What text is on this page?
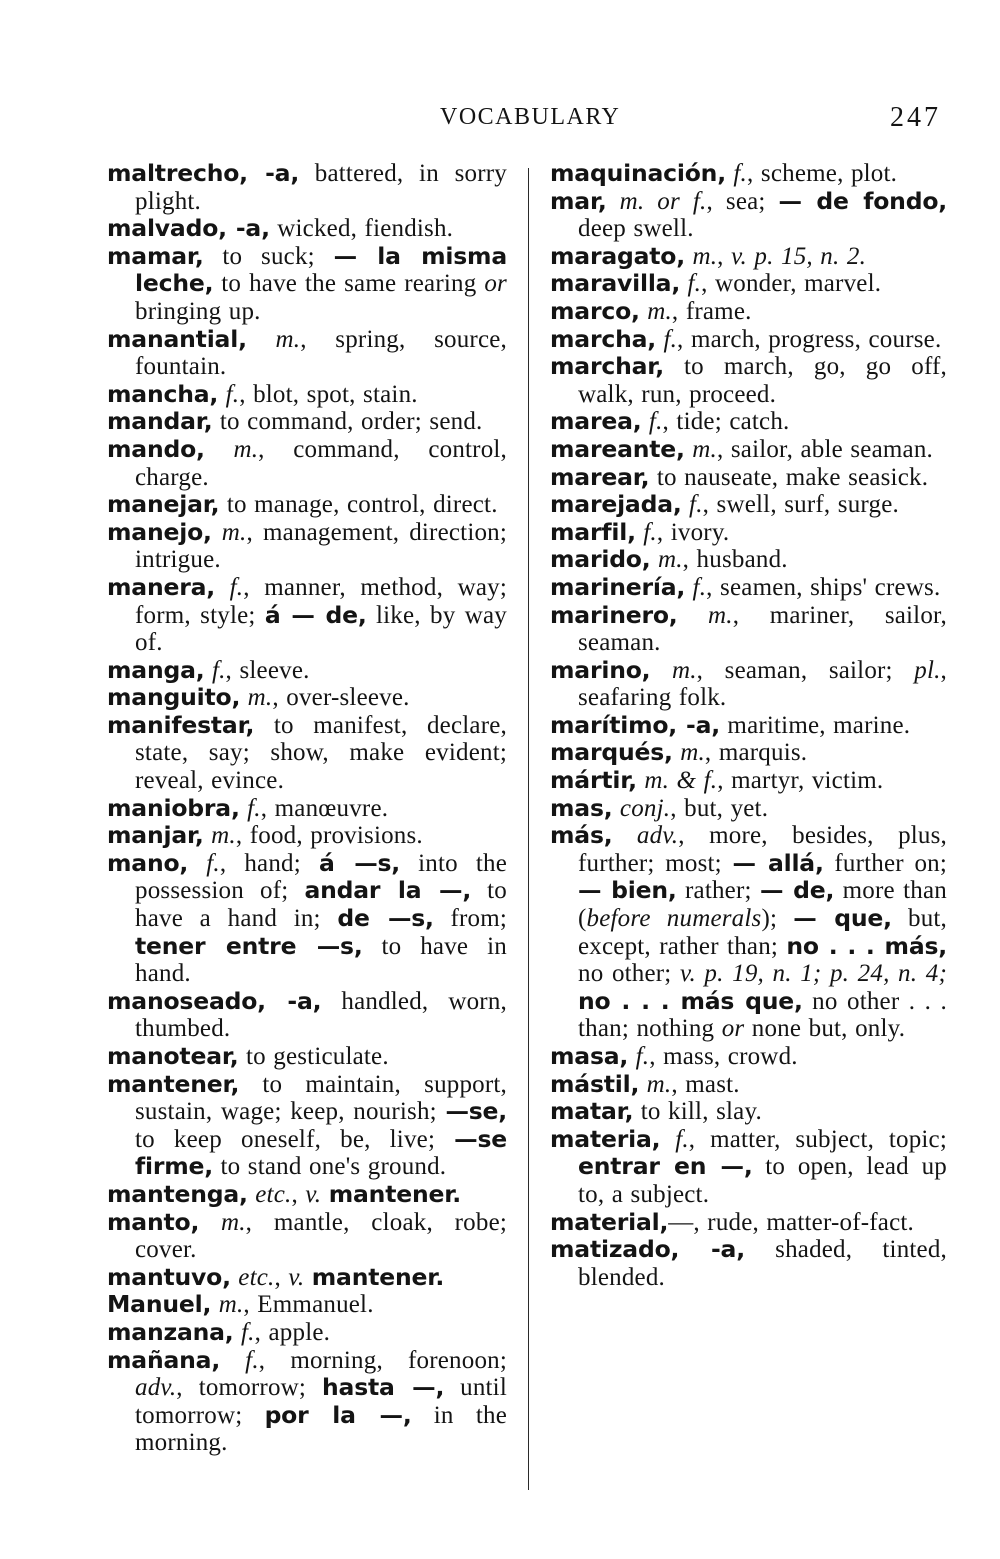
VOCABULARY	247
maltrecho, -a, battered, in sorry plight.
malvado, -a, wicked, fiendish.
mamar, to suck; — la misma leche, to have the same rearing or bringing up.
manantial, m., spring, source, fountain.
mancha, f., blot, spot, stain.
mandar, to command, order; send.
mando, m., command, control, charge.
manejar, to manage, control, direct.
manejo, m., management, direction; intrigue.
manera, f., manner, method, way; form, style; á — de, like, by way of.
manga, f., sleeve.
manguito, m., over-sleeve.
manifestar, to manifest, declare, state, say; show, make evident; reveal, evince.
maniobra, f., manœuvre.
manjar, m., food, provisions.
mano, f., hand; á —s, into the possession of; andar la —, to have a hand in; de —s, from; tener entre —s, to have in hand.
manoseado, -a, handled, worn, thumbed.
manotear, to gesticulate.
mantener, to maintain, support, sustain, wage; keep, nourish; —se, to keep oneself, be, live; —se firme, to stand one's ground.
mantenga, etc., v. mantener.
manto, m., mantle, cloak, robe; cover.
mantuvo, etc., v. mantener.
Manuel, m., Emmanuel.
manzana, f., apple.
mañana, f., morning, forenoon; adv., tomorrow; hasta —, until tomorrow; por la —, in the morning.
maquinación, f., scheme, plot.
mar, m. or f., sea; — de fondo, deep swell.
maragato, m., v. p. 15, n. 2.
maravilla, f., wonder, marvel.
marco, m., frame.
marcha, f., march, progress, course.
marchar, to march, go, go off, walk, run, proceed.
marea, f., tide; catch.
mareante, m., sailor, able seaman.
marear, to nauseate, make seasick.
marejada, f., swell, surf, surge.
marfil, f., ivory.
marido, m., husband.
marinería, f., seamen, ships' crews.
marinero, m., mariner, sailor, seaman.
marino, m., seaman, sailor; pl., seafaring folk.
marítimo, -a, maritime, marine.
marqués, m., marquis.
mártir, m. & f., martyr, victim.
mas, conj., but, yet.
más, adv., more, besides, plus, further; most; — allá, further on; — bien, rather; — de, more than (before numerals); — que, but, except, rather than; no . . . más, no other; v. p. 19, n. 1; p. 24, n. 4; no . . . más que, no other . . . than; nothing or none but, only.
masa, f., mass, crowd.
mástil, m., mast.
matar, to kill, slay.
materia, f., matter, subject, topic; entrar en —, to open, lead up to, a subject.
material,—, rude, matter-of-fact.
matizado, -a, shaded, tinted, blended.
